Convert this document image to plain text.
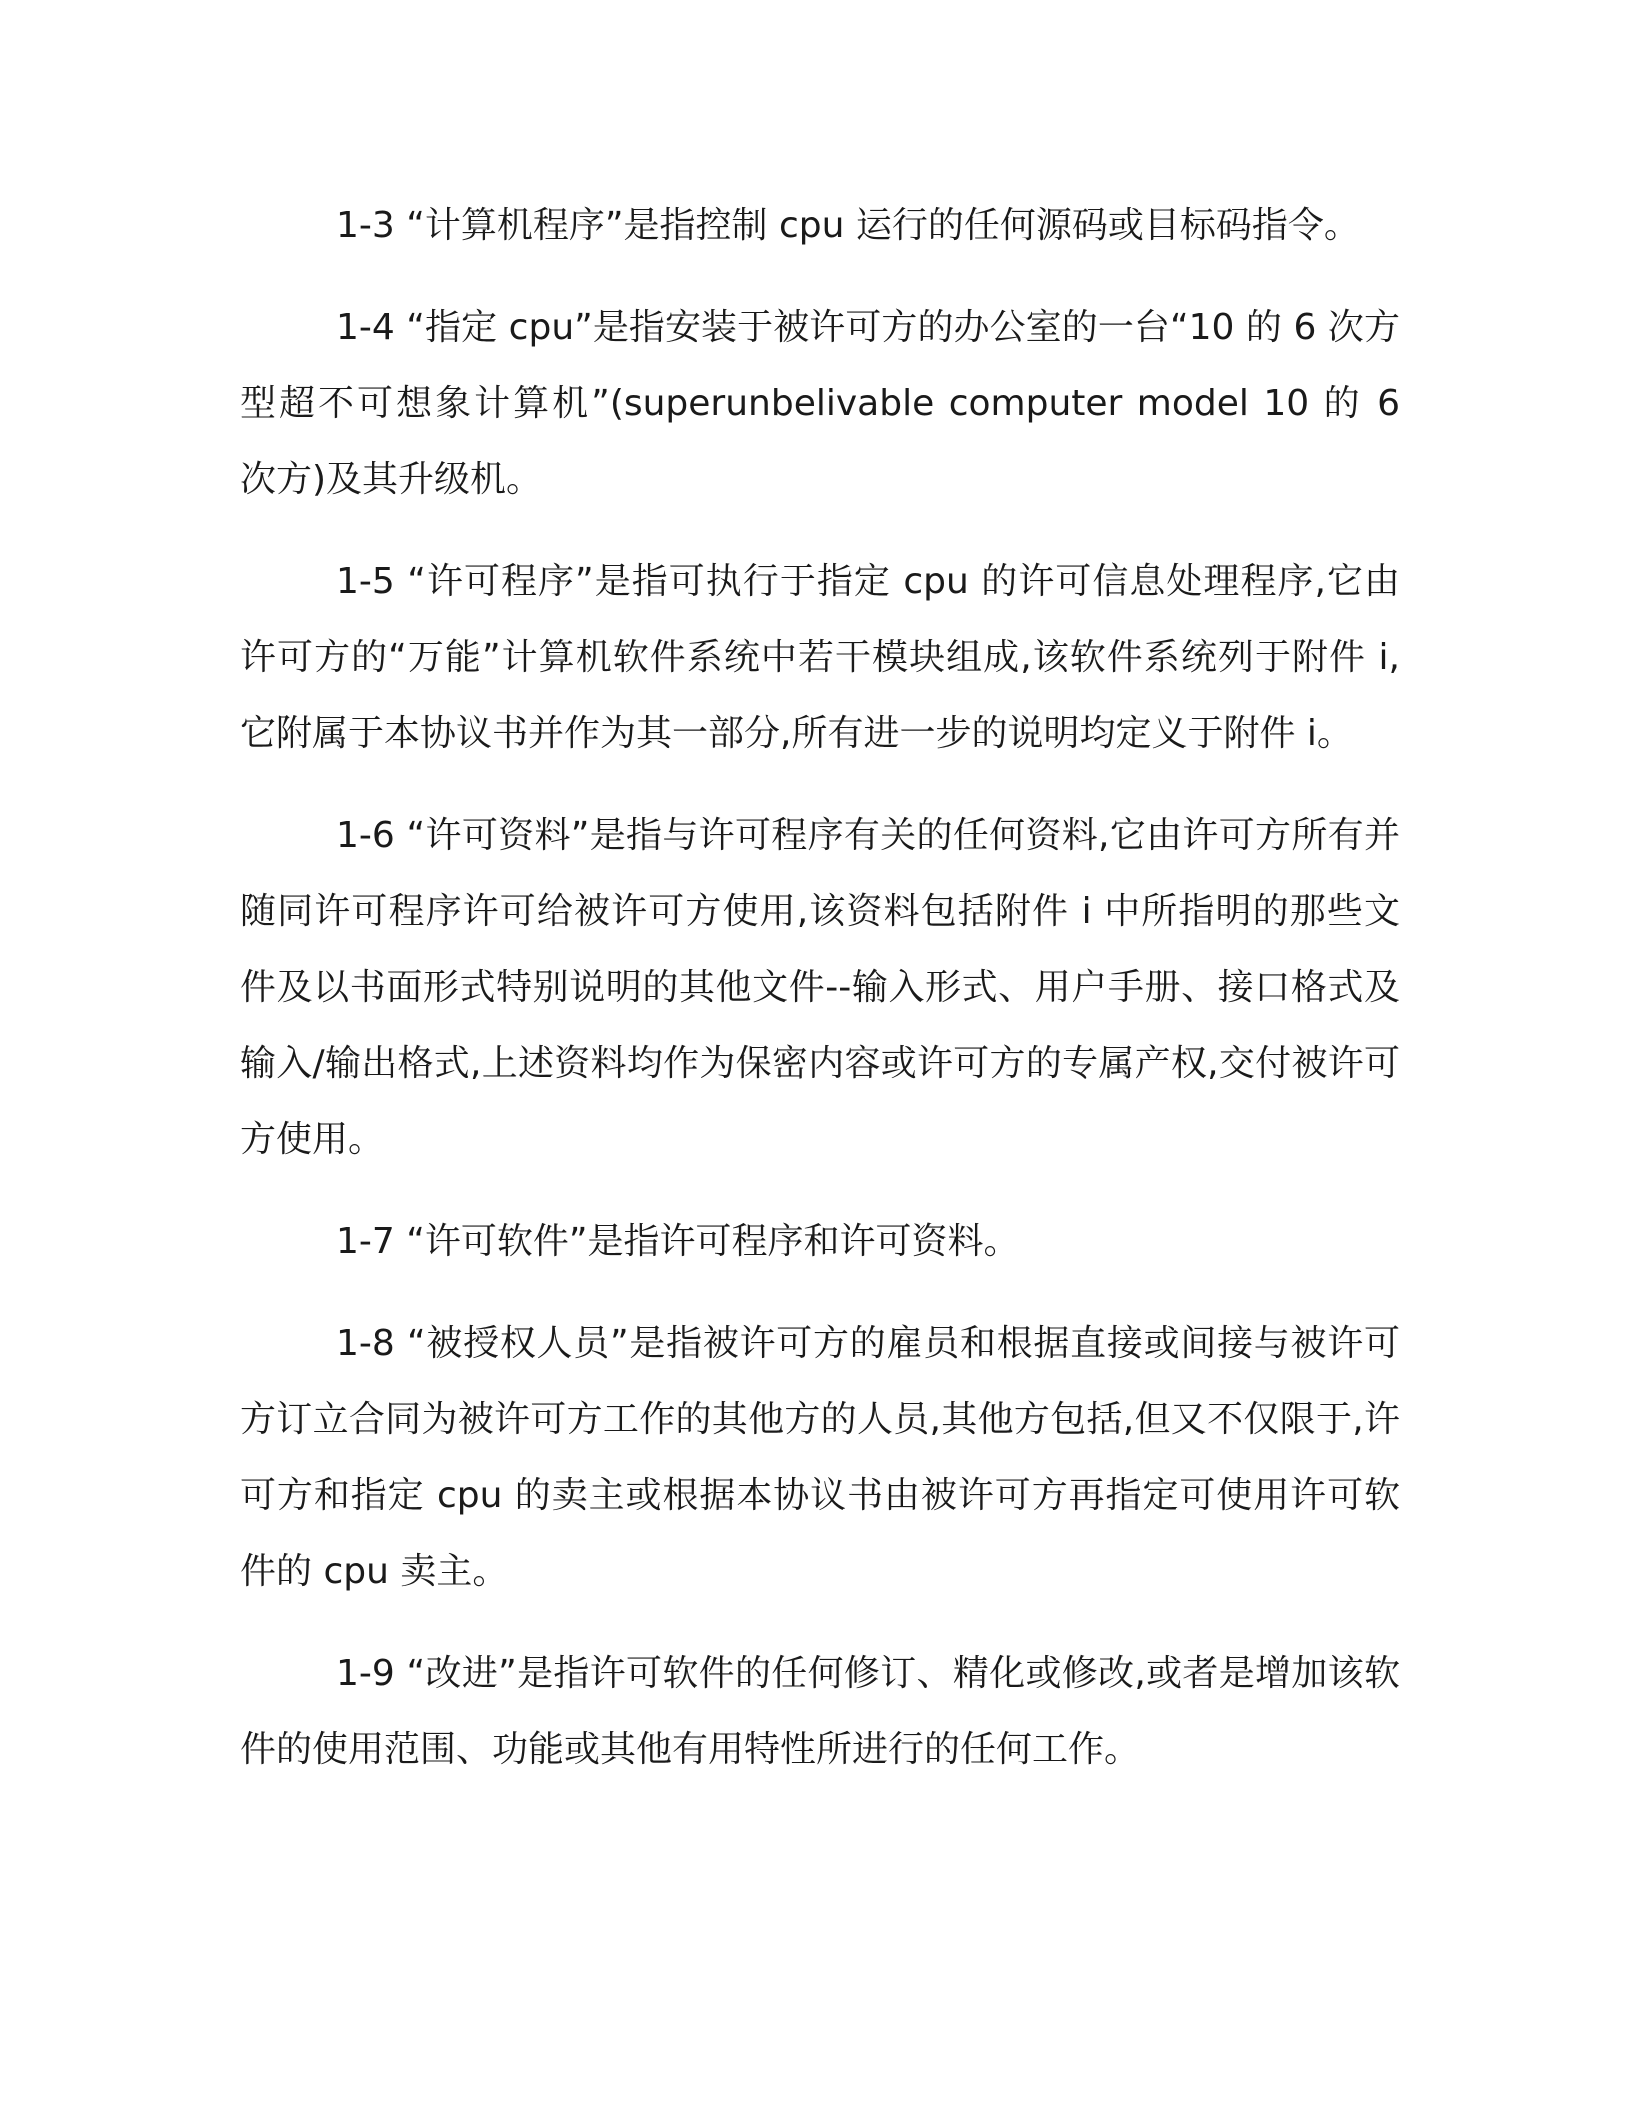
1-3 “计算机程序”是指控制 cpu 运行的任何源码或目标码指令。

1-4 “指定 cpu”是指安装于被许可方的办公室的一台“10 的 6 次方型超不可想象计算机”(superunbelivable computer model 10 的 6 次方)及其升级机。

1-5 “许可程序”是指可执行于指定 cpu 的许可信息处理程序,它由许可方的“万能”计算机软件系统中若干模块组成,该软件系统列于附件 i,它附属于本协议书并作为其一部分,所有进一步的说明均定义于附件 i。

1-6 “许可资料”是指与许可程序有关的任何资料,它由许可方所有并随同许可程序许可给被许可方使用,该资料包括附件 i 中所指明的那些文件及以书面形式特别说明的其他文件--输入形式、用户手册、接口格式及输入/输出格式,上述资料均作为保密内容或许可方的专属产权,交付被许可方使用。

1-7 “许可软件”是指许可程序和许可资料。

1-8 “被授权人员”是指被许可方的雇员和根据直接或间接与被许可方订立合同为被许可方工作的其他方的人员,其他方包括,但又不仅限于,许可方和指定 cpu 的卖主或根据本协议书由被许可方再指定可使用许可软件的 cpu 卖主。

1-9 “改进”是指许可软件的任何修订、精化或修改,或者是增加该软件的使用范围、功能或其他有用特性所进行的任何工作。
